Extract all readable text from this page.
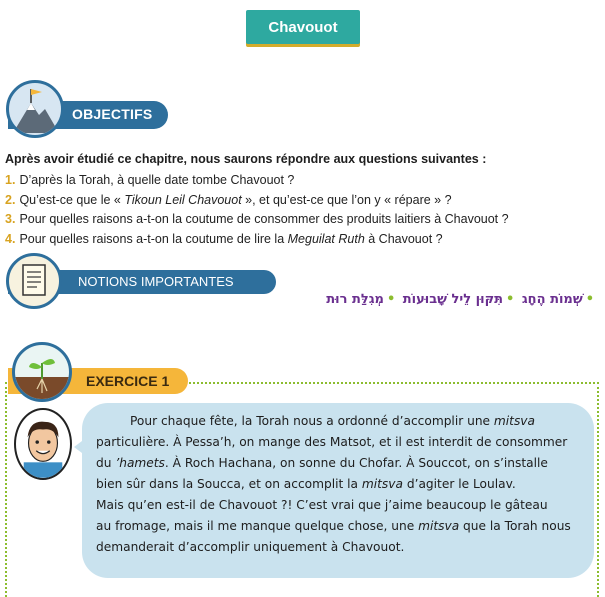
Chavouot
OBJECTIFS
Après avoir étudié ce chapitre, nous saurons répondre aux questions suivantes :
1. D’après la Torah, à quelle date tombe Chavouot ?
2. Qu’est-ce que le « Tikoun Leil Chavouot », et qu’est-ce que l’on y « répare » ?
3. Pour quelles raisons a-t-on la coutume de consommer des produits laitiers à Chavouot ?
4. Pour quelles raisons a-t-on la coutume de lire la Meguilat Ruth à Chavouot ?
NOTIONS IMPORTANTES
•שְׁמוֹת הֶחָג •תִּקּוּן לֵיל שָׁבוּעוֹת •מְגִלַּת רוּת
EXERCICE 1

Pour chaque fête, la Torah nous a ordonné d’accomplir une mitsva

particulière. À Pessa’h, on mange des Matsot, et il est interdit de consommer

du ’hamets. À Roch Hachana, on sonne du Chofar. À Souccot, on s’installe

bien sûr dans la Soucca, et on accomplit la mitsva d’agiter le Loulav.

Mais qu’en est-il de Chavouot ?! C’est vrai que j’aime beaucoup le gâteau

au fromage, mais il me manque quelque chose, une mitsva que la Torah nous

demanderait d’accomplir uniquement à Chavouot.
